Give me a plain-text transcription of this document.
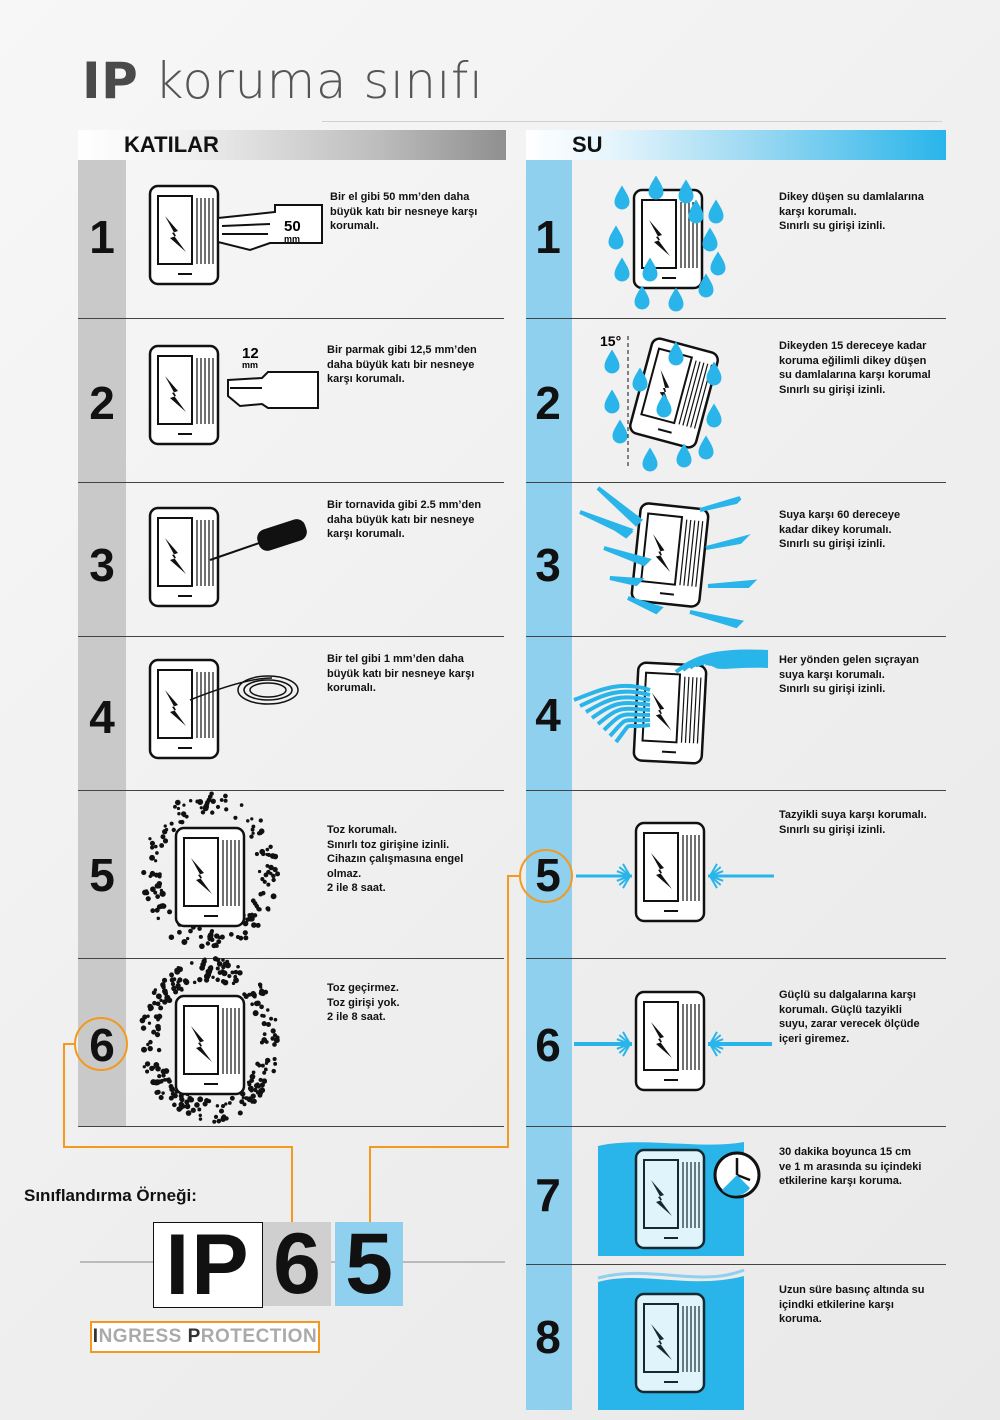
IP koruma sınıfı
KATILAR	SU
1
Bir el gibi 50 mm’den daha
büyük katı bir nesneye karşı
korumalı.
2
Bir parmak gibi 12,5 mm’den
daha büyük katı bir nesneye
karşı korumalı.
3
Bir tornavida gibi 2.5 mm’den
daha büyük katı bir nesneye
karşı korumalı.
4
Bir tel gibi 1 mm’den daha
büyük katı bir nesneye karşı
korumalı.
5
Toz korumalı.
Sınırlı toz girişine izinli.
Cihazın çalışmasına engel
olmaz.
2 ile 8 saat.
6
Toz geçirmez.
Toz girişi yok.
2 ile 8 saat.
1
Dikey düşen su damlalarına
karşı korumalı.
Sınırlı su girişi izinli.
2
Dikeyden 15 dereceye kadar
koruma eğilimli dikey düşen
su damlalarına karşı korumal
Sınırlı su girişi izinli.
3
Suya karşı 60 dereceye
kadar dikey korumalı.
Sınırlı su girişi izinli.
4
Her yönden gelen sıçrayan
suya karşı korumalı.
Sınırlı su girişi izinli.
5
Tazyikli suya karşı korumalı.
Sınırlı su girişi izinli.
6
Güçlü su dalgalarına karşı
korumalı. Güçlü tazyikli
suyu, zarar verecek ölçüde
içeri giremez.
7
30 dakika boyunca 15 cm
ve 1 m arasında su içindeki
etkilerine karşı koruma.
8
Uzun süre basınç altında su
içindki etkilerine karşı
koruma.
50
mm
12
mm
15°
Sınıflandırma Örneği:
IP 6 5
INGRESS PROTECTION
